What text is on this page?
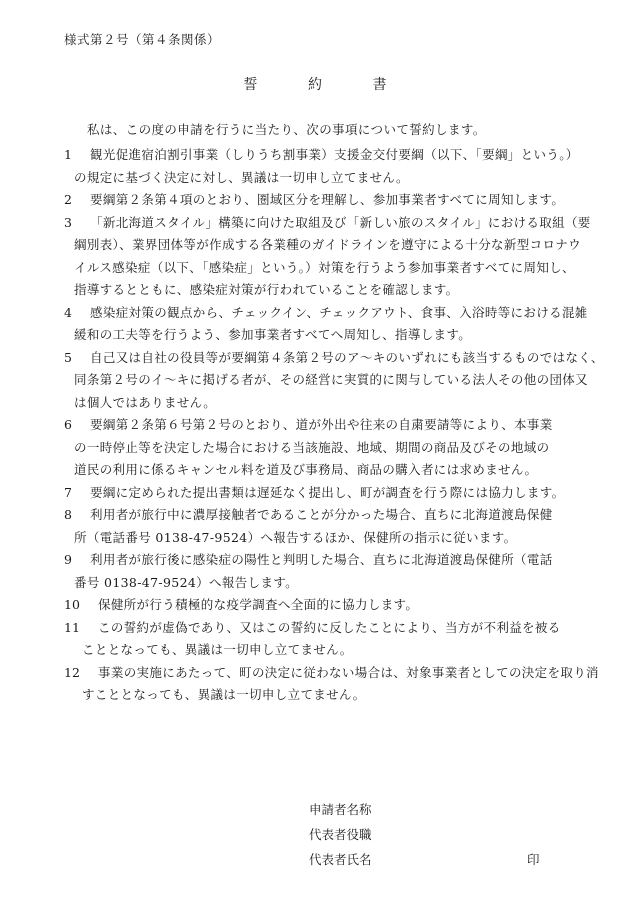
様式第２号（第４条関係）
誓	約	書
私は、この度の申請を行うに当たり、次の事項について誓約します。
1	観光促進宿泊割引事業（しりうち割事業）支援金交付要綱（以下、「要綱」という。）
の規定に基づく決定に対し、異議は一切申し立てません。
2	要綱第２条第４項のとおり、圏域区分を理解し、参加事業者すべてに周知します。
3	「新北海道スタイル」構築に向けた取組及び「新しい旅のスタイル」における取組（要
綱別表）、業界団体等が作成する各業種のガイドラインを遵守による十分な新型コロナウ
イルス感染症（以下、「感染症」という。）対策を行うよう参加事業者すべてに周知し、
指導するとともに、感染症対策が行われていることを確認します。
4	感染症対策の観点から、チェックイン、チェックアウト、食事、入浴時等における混雑
緩和の工夫等を行うよう、参加事業者すべてへ周知し、指導します。
5	自己又は自社の役員等が要綱第４条第２号のア～キのいずれにも該当するものではなく、
同条第２号のイ～キに掲げる者が、その経営に実質的に関与している法人その他の団体又
は個人ではありません。
6	要綱第２条第６号第２号のとおり、道が外出や往来の自粛要請等により、本事業
の一時停止等を決定した場合における当該施設、地域、期間の商品及びその地域の
道民の利用に係るキャンセル料を道及び事務局、商品の購入者には求めません。
7	要綱に定められた提出書類は遅延なく提出し、町が調査を行う際には協力します。
8	利用者が旅行中に濃厚接触者であることが分かった場合、直ちに北海道渡島保健
所（電話番号 0138-47-9524）へ報告するほか、保健所の指示に従います。
9	利用者が旅行後に感染症の陽性と判明した場合、直ちに北海道渡島保健所（電話
番号 0138-47-9524）へ報告します。
10	保健所が行う積極的な疫学調査へ全面的に協力します。
11	この誓約が虚偽であり、又はこの誓約に反したことにより、当方が不利益を被る
こととなっても、異議は一切申し立てません。
12	事業の実施にあたって、町の決定に従わない場合は、対象事業者としての決定を取り消
すこととなっても、異議は一切申し立てません。
申請者名称
代表者役職
代表者氏名	印
